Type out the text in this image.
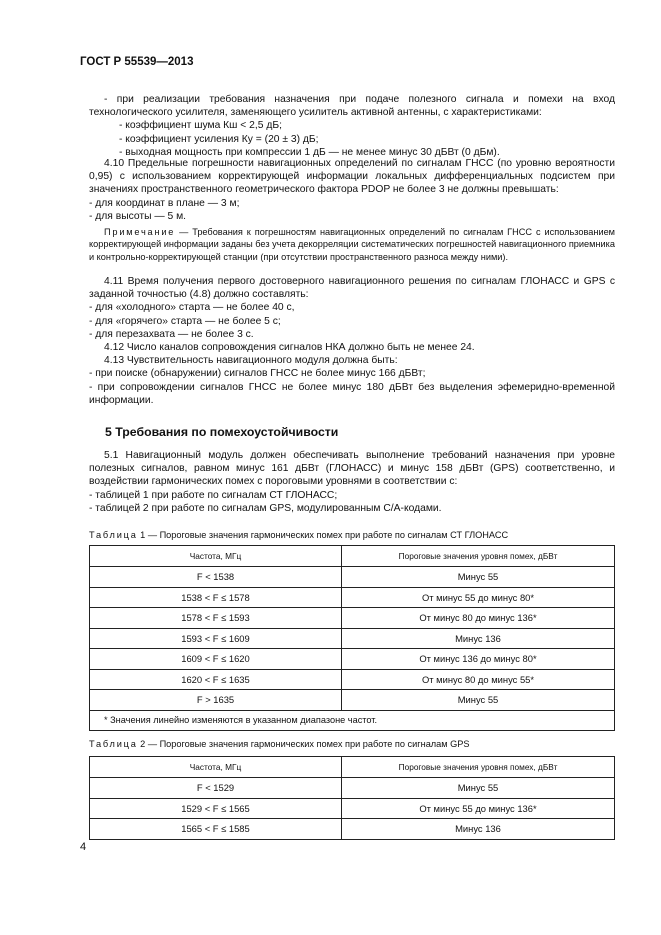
ГОСТ Р 55539—2013

- при реализации требования назначения при подаче полезного сигнала и помехи на вход технологического усилителя, заменяющего усилитель активной антенны, с характеристиками:

- коэффициент шума Кш < 2,5 дБ;

- коэффициент усиления Ку = (20 ± 3) дБ;

- выходная мощность при компрессии 1 дБ — не менее минус 30 дБВт (0 дБм).

4.10 Предельные погрешности навигационных определений по сигналам ГНСС (по уровню вероятности 0,95) с использованием корректирующей информации локальных дифференциальных подсистем при значениях пространственного геометрического фактора PDOP не более 3 не должны превышать:

- для координат в плане — 3 м;

- для высоты — 5 м.

Примечание — Требования к погрешностям навигационных определений по сигналам ГНСС с использованием корректирующей информации заданы без учета декорреляции систематических погрешностей навигационного приемника и контрольно-корректирующей станции (при отсутствии пространственного разноса между ними).

4.11 Время получения первого достоверного навигационного решения по сигналам ГЛОНАСС и GPS с заданной точностью (4.8) должно составлять:

- для «холодного» старта — не более 40 с,

- для «горячего» старта — не более 5 с;

- для перезахвата — не более 3 с.

4.12 Число каналов сопровождения сигналов НКА должно быть не менее 24.

4.13 Чувствительность навигационного модуля должна быть:

- при поиске (обнаружении) сигналов ГНСС не более минус 166 дБВт;

- при сопровождении сигналов ГНСС не более минус 180 дБВт без выделения эфемеридно-временной информации.

5 Требования по помехоустойчивости

5.1 Навигационный модуль должен обеспечивать выполнение требований назначения при уровне полезных сигналов, равном минус 161 дБВт (ГЛОНАСС) и минус 158 дБВт (GPS) соответственно, и воздействии гармонических помех с пороговыми уровнями в соответствии с:

- таблицей 1 при работе по сигналам СТ ГЛОНАСС;

- таблицей 2 при работе по сигналам GPS, модулированным С/А-кодами.

Таблица 1 — Пороговые значения гармонических помех при работе по сигналам СТ ГЛОНАСС
Частота, МГц	Пороговые значения уровня помех, дБВт
F < 1538	Минус 55
1538 < F ≤ 1578	От минус 55 до минус 80*
1578 < F ≤ 1593	От минус 80 до минус 136*
1593 < F ≤ 1609	Минус 136
1609 < F ≤ 1620	От минус 136 до минус 80*
1620 < F ≤ 1635	От минус 80 до минус 55*
F > 1635	Минус 55
* Значения линейно изменяются в указанном диапазоне частот.	
Таблица 2 — Пороговые значения гармонических помех при работе по сигналам GPS
Частота, МГц	Пороговые значения уровня помех, дБВт
F < 1529	Минус 55
1529 < F ≤ 1565	От минус 55 до минус 136*
1565 < F ≤ 1585	Минус 136
4
